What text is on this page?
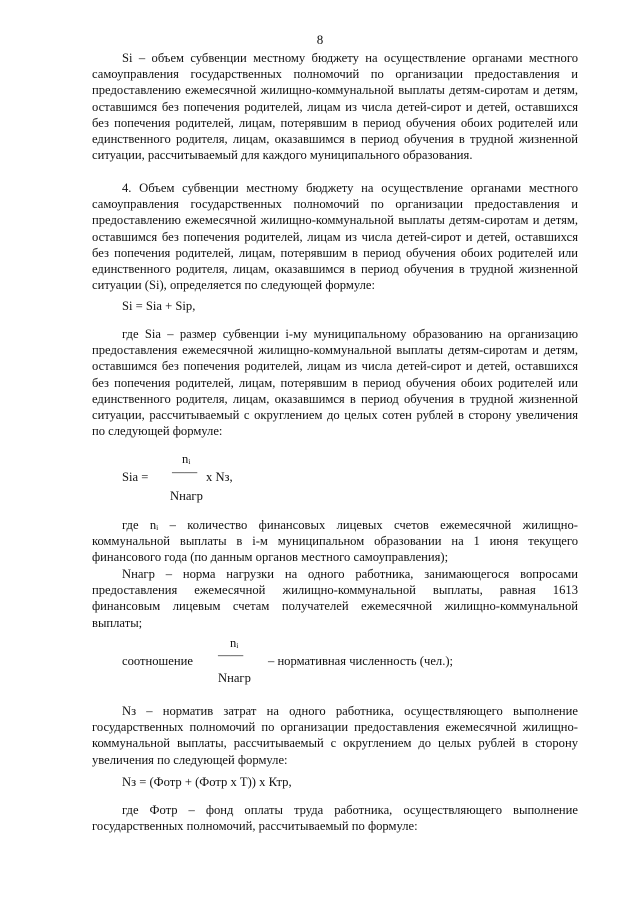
8

Si – объем субвенции местному бюджету на осуществление органами местного самоуправления государственных полномочий по организации предоставления и предоставлению ежемесячной жилищно-коммунальной выплаты детям-сиротам и детям, оставшимся без попечения родителей, лицам из числа детей-сирот и детей, оставшихся без попечения родителей, лицам, потерявшим в период обучения обоих родителей или единственного родителя, лицам, оказавшимся в период обучения в трудной жизненной ситуации, рассчитываемый для каждого муниципального образования.

4. Объем субвенции местному бюджету на осуществление органами местного самоуправления государственных полномочий по организации предоставления и предоставлению ежемесячной жилищно-коммунальной выплаты детям-сиротам и детям, оставшимся без попечения родителей, лицам из числа детей-сирот и детей, оставшихся без попечения родителей, лицам, потерявшим в период обучения обоих родителей или единственного родителя, лицам, оказавшимся в период обучения в трудной жизненной ситуации (Si), определяется по следующей формуле:

Si = Sia + Sip,

где Sia – размер субвенции i-му муниципальному образованию на организацию предоставления ежемесячной жилищно-коммунальной выплаты детям-сиротам и детям, оставшимся без попечения родителей, лицам из числа детей-сирот и детей, оставшихся без попечения родителей, лицам, потерявшим в период обучения обоих родителей или единственного родителя, лицам, оказавшимся в период обучения в трудной жизненной ситуации, рассчитываемый с округлением до целых сотен рублей в сторону увеличения по следующей формуле:

Sia =
nᵢ
—— х Nз,
Nнагр

где nᵢ – количество финансовых лицевых счетов ежемесячной жилищно-коммунальной выплаты в i-м муниципальном образовании на 1 июня текущего финансового года (по данным органов местного самоуправления);

Nнагр – норма нагрузки на одного работника, занимающегося вопросами предоставления ежемесячной жилищно-коммунальной выплаты, равная 1613 финансовым лицевым счетам получателей ежемесячной жилищно-коммунальной выплаты;

соотношение
nᵢ
—— – нормативная численность (чел.);
Nнагр

Nз – норматив затрат на одного работника, осуществляющего выполнение государственных полномочий по организации предоставления ежемесячной жилищно-коммунальной выплаты, рассчитываемый с округлением до целых рублей в сторону увеличения по следующей формуле:

Nз = (Фотр + (Фотр х Т)) х Ктр,

где Фотр – фонд оплаты труда работника, осуществляющего выполнение государственных полномочий, рассчитываемый по формуле:
